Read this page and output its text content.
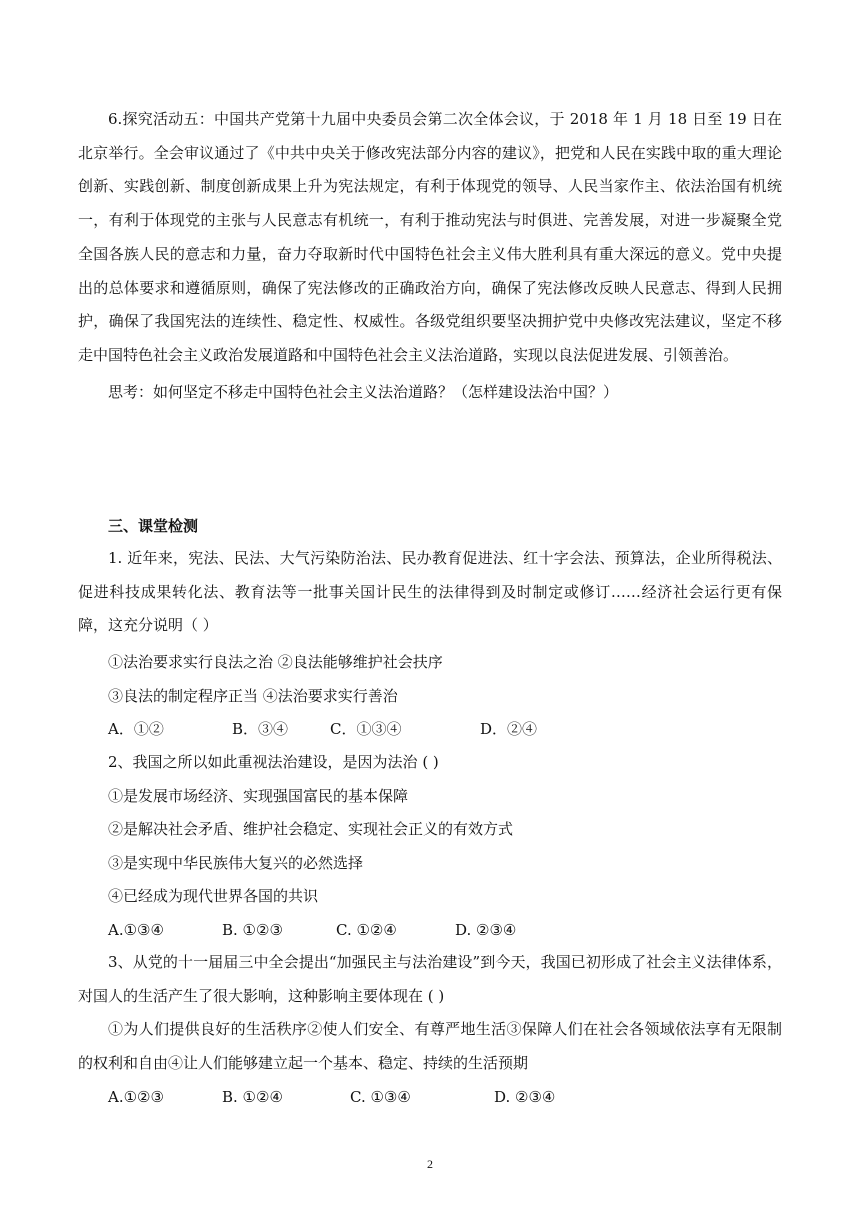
6.探究活动五：中国共产党第十九届中央委员会第二次全体会议，于 2018 年 1 月 18 日至 19 日在北京举行。全会审议通过了《中共中央关于修改宪法部分内容的建议》，把党和人民在实践中取的重大理论创新、实践创新、制度创新成果上升为宪法规定，有利于体现党的领导、人民当家作主、依法治国有机统一，有利于体现党的主张与人民意志有机统一，有利于推动宪法与时俱进、完善发展，对进一步凝聚全党全国各族人民的意志和力量，奋力夺取新时代中国特色社会主义伟大胜利具有重大深远的意义。党中央提出的总体要求和遵循原则，确保了宪法修改的正确政治方向，确保了宪法修改反映人民意志、得到人民拥护，确保了我国宪法的连续性、稳定性、权威性。各级党组织要坚决拥护党中央修改宪法建议，坚定不移走中国特色社会主义政治发展道路和中国特色社会主义法治道路，实现以良法促进发展、引领善治。
思考：如何坚定不移走中国特色社会主义法治道路？（怎样建设法治中国？）
三、课堂检测
1. 近年来，宪法、民法、大气污染防治法、民办教育促进法、红十字会法、预算法，企业所得税法、促进科技成果转化法、教育法等一批事关国计民生的法律得到及时制定或修订……经济社会运行更有保障，这充分说明（ ）
①法治要求实行良法之治 ②良法能够维护社会扶序
③良法的制定程序正当 ④法治要求实行善治
A．①②	B．③④	C．①③④	D．②④
2、我国之所以如此重视法治建设，是因为法治 ( )
①是发展市场经济、实现强国富民的基本保障
②是解决社会矛盾、维护社会稳定、实现社会正义的有效方式
③是实现中华民族伟大复兴的必然选择
④已经成为现代世界各国的共识
A.①③④	B. ①②③	C. ①②④	D. ②③④
3、从党的十一届届三中全会提出“加强民主与法治建设”到今天，我国已初形成了社会主义法律体系，对国人的生活产生了很大影响，这种影响主要体现在 ( )
①为人们提供良好的生活秩序②使人们安全、有尊严地生活③保障人们在社会各领域依法享有无限制的权利和自由④让人们能够建立起一个基本、稳定、持续的生活预期
A.①②③	B. ①②④	C. ①③④	D. ②③④
2
